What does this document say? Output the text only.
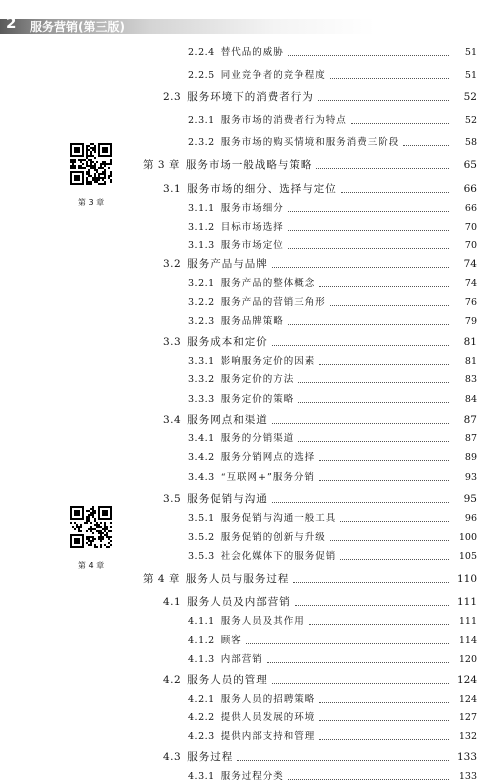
2 服务营销(第三版)
第 3 章
第 4 章
2.2.4 替代品的威胁	51
2.2.5 同业竞争者的竞争程度	51
2.3 服务环境下的消费者行为	52
2.3.1 服务市场的消费者行为特点	52
2.3.2 服务市场的购买情境和服务消费三阶段	58
第 3 章 服务市场一般战略与策略	65
3.1 服务市场的细分、选择与定位	66
3.1.1 服务市场细分	66
3.1.2 目标市场选择	70
3.1.3 服务市场定位	70
3.2 服务产品与品牌	74
3.2.1 服务产品的整体概念	74
3.2.2 服务产品的营销三角形	76
3.2.3 服务品牌策略	79
3.3 服务成本和定价	81
3.3.1 影响服务定价的因素	81
3.3.2 服务定价的方法	83
3.3.3 服务定价的策略	84
3.4 服务网点和渠道	87
3.4.1 服务的分销渠道	87
3.4.2 服务分销网点的选择	89
3.4.3 “互联网+”服务分销	93
3.5 服务促销与沟通	95
3.5.1 服务促销与沟通一般工具	96
3.5.2 服务促销的创新与升级	100
3.5.3 社会化媒体下的服务促销	105
第 4 章 服务人员与服务过程	110
4.1 服务人员及内部营销	111
4.1.1 服务人员及其作用	111
4.1.2 顾客	114
4.1.3 内部营销	120
4.2 服务人员的管理	124
4.2.1 服务人员的招聘策略	124
4.2.2 提供人员发展的环境	127
4.2.3 提供内部支持和管理	132
4.3 服务过程	133
4.3.1 服务过程分类	133
